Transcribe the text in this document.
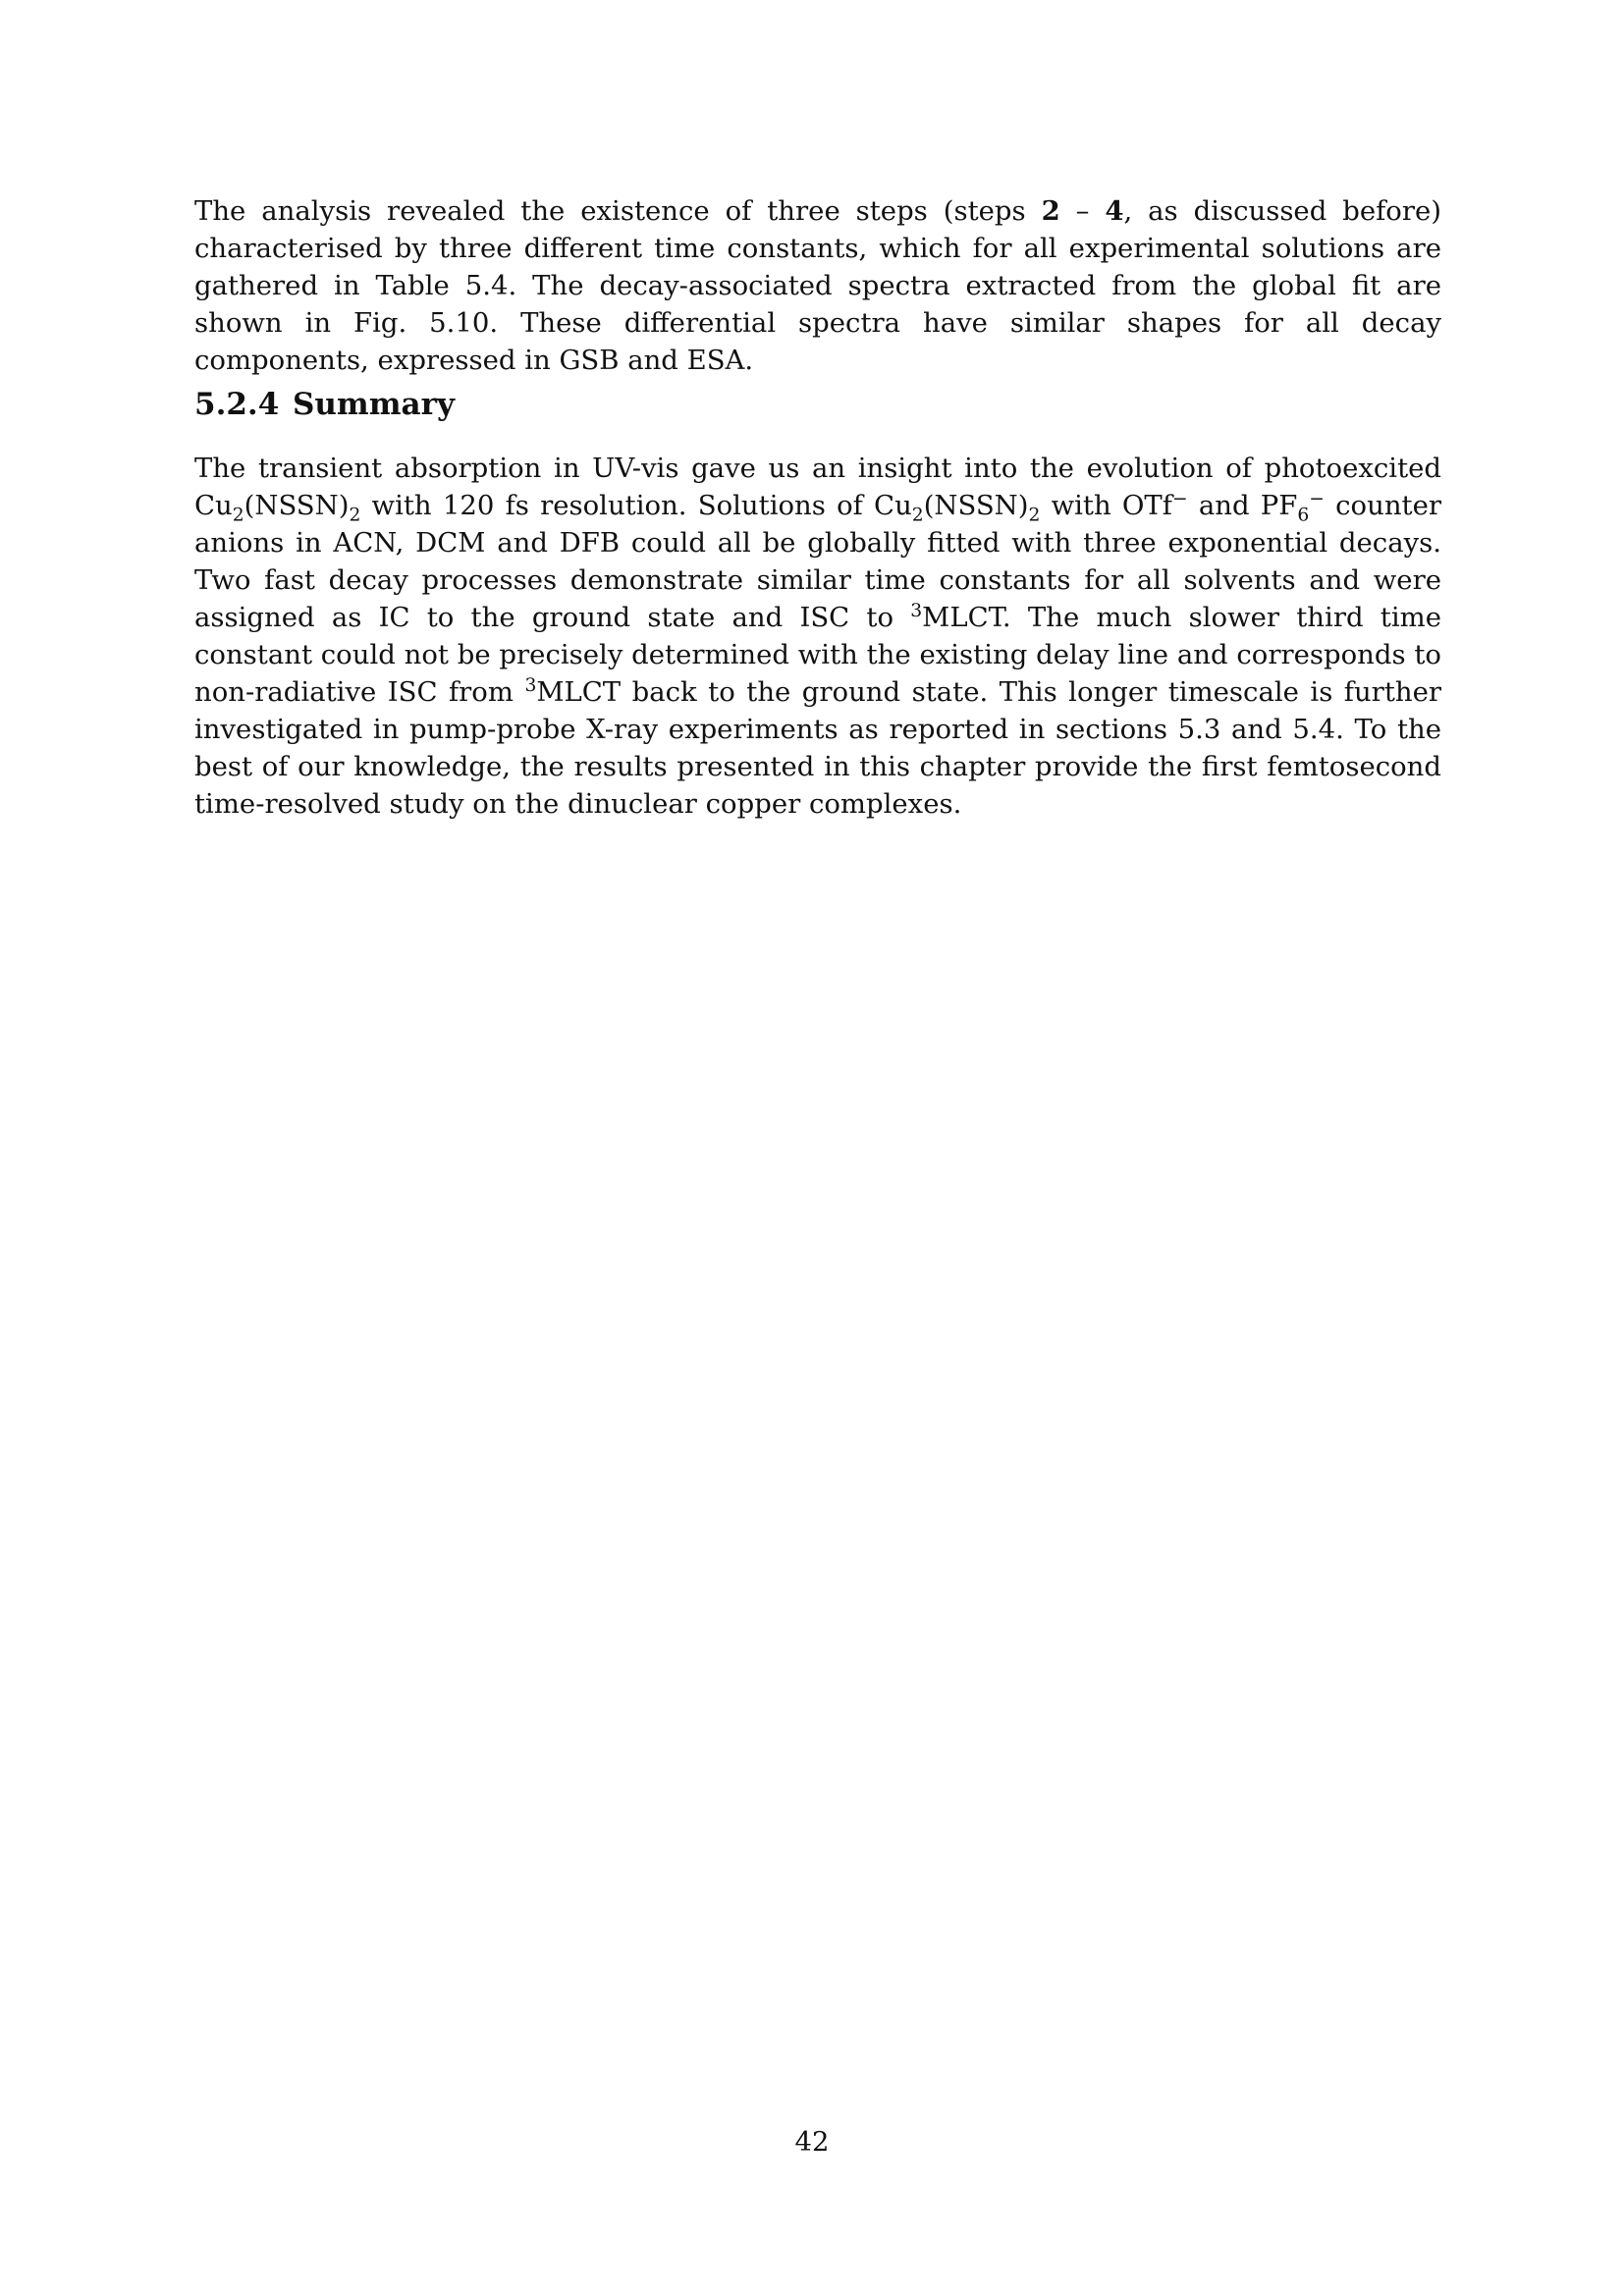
The analysis revealed the existence of three steps (steps 2 – 4, as discussed before) characterised by three different time constants, which for all experimental solutions are gathered in Table 5.4. The decay-associated spectra extracted from the global fit are shown in Fig. 5.10. These differential spectra have similar shapes for all decay components, expressed in GSB and ESA.

5.2.4 Summary

The transient absorption in UV-vis gave us an insight into the evolution of photoexcited $Cu_2(NSSN)_2$ with 120 fs resolution. Solutions of $Cu_2(NSSN)_2$ with OTf− and $PF_6^-$ counter anions in ACN, DCM and DFB could all be globally fitted with three exponential decays. Two fast decay processes demonstrate similar time constants for all solvents and were assigned as IC to the ground state and ISC to $^3$MLCT. The much slower third time constant could not be precisely determined with the existing delay line and corresponds to non-radiative ISC from $^3$MLCT back to the ground state. This longer timescale is further investigated in pump-probe X-ray experiments as reported in sections 5.3 and 5.4. To the best of our knowledge, the results presented in this chapter provide the first femtosecond time-resolved study on the dinuclear copper complexes.

42
